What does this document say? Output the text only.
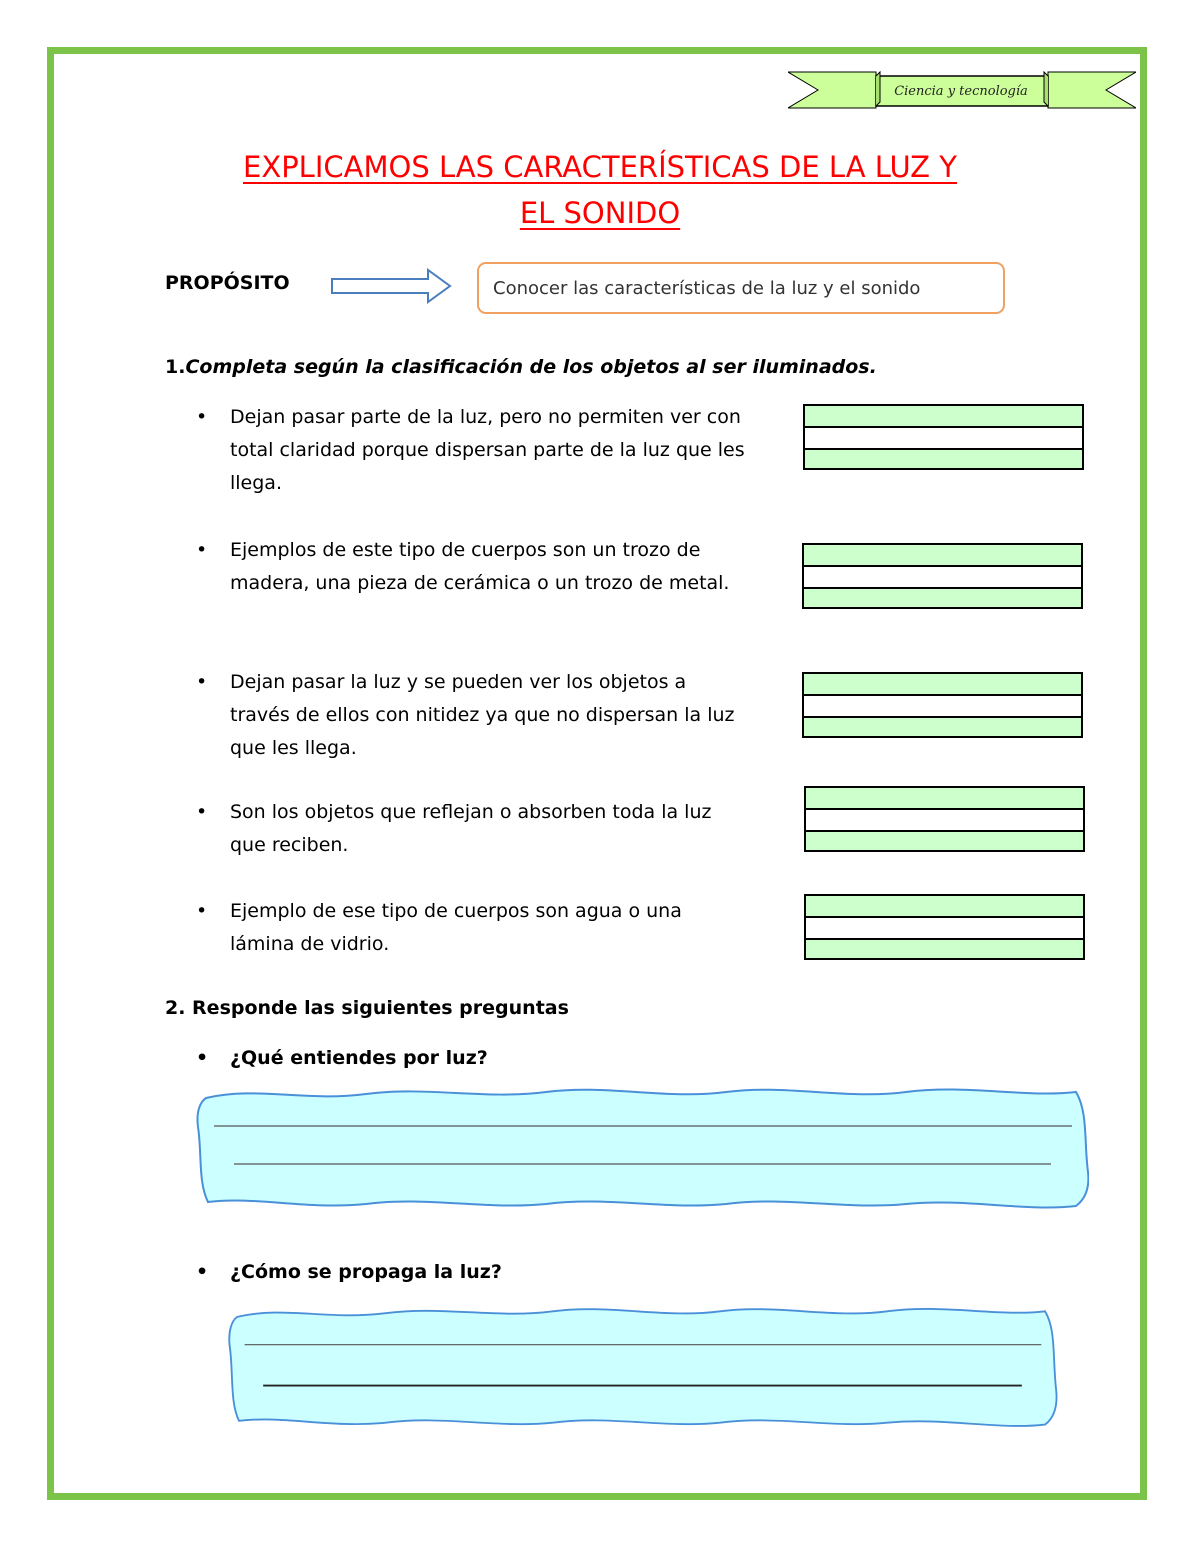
Ciencia y tecnología
EXPLICAMOS LAS CARACTERÍSTICAS DE LA LUZ Y
EL SONIDO
PROPÓSITO	Conocer las características de la luz y el sonido
1.Completa según la clasificación de los objetos al ser iluminados.
• Dejan pasar parte de la luz, pero no permiten ver con total claridad porque dispersan parte de la luz que les llega.
• Ejemplos de este tipo de cuerpos son un trozo de madera, una pieza de cerámica o un trozo de metal.
• Dejan pasar la luz y se pueden ver los objetos a través de ellos con nitidez ya que no dispersan la luz que les llega.
• Son los objetos que reflejan o absorben toda la luz que reciben.
• Ejemplo de ese tipo de cuerpos son agua o una lámina de vidrio.
2. Responde las siguientes preguntas
• ¿Qué entiendes por luz?
• ¿Cómo se propaga la luz?
